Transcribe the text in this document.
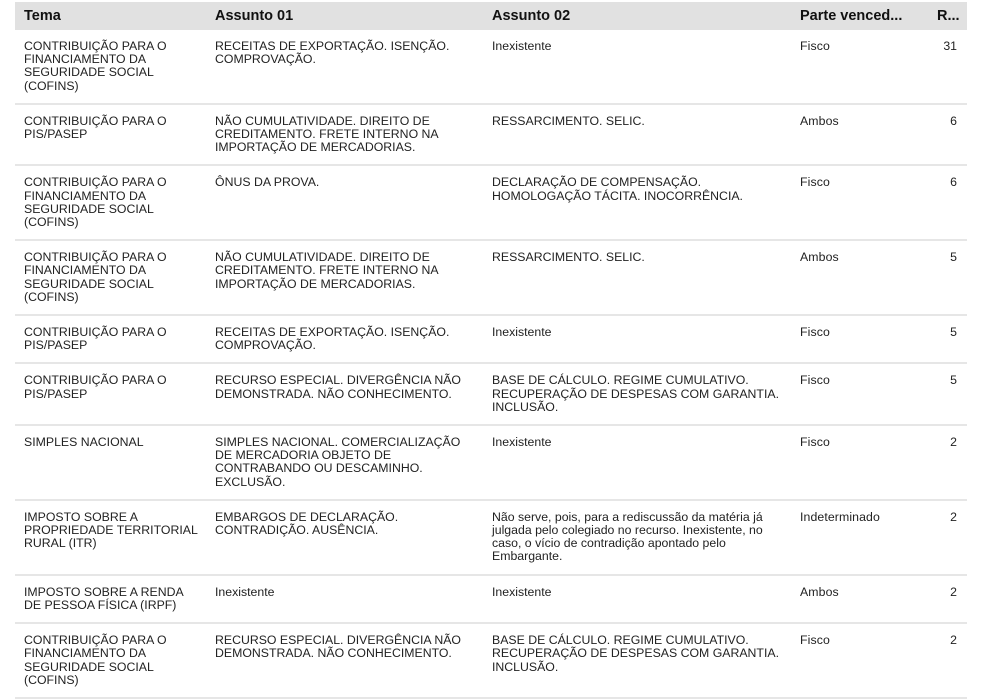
Tema	Assunto 01	Assunto 02	Parte venced...	R...
CONTRIBUIÇÃO PARA O FINANCIAMENTO DA SEGURIDADE SOCIAL (COFINS)	RECEITAS DE EXPORTAÇÃO. ISENÇÃO. COMPROVAÇÃO.	Inexistente	Fisco	31
CONTRIBUIÇÃO PARA O PIS/PASEP	NÃO CUMULATIVIDADE. DIREITO DE CREDITAMENTO. FRETE INTERNO NA IMPORTAÇÃO DE MERCADORIAS.	RESSARCIMENTO. SELIC.	Ambos	6
CONTRIBUIÇÃO PARA O FINANCIAMENTO DA SEGURIDADE SOCIAL (COFINS)	ÔNUS DA PROVA.	DECLARAÇÃO DE COMPENSAÇÃO. HOMOLOGAÇÃO TÁCITA. INOCORRÊNCIA.	Fisco	6
CONTRIBUIÇÃO PARA O FINANCIAMENTO DA SEGURIDADE SOCIAL (COFINS)	NÃO CUMULATIVIDADE. DIREITO DE CREDITAMENTO. FRETE INTERNO NA IMPORTAÇÃO DE MERCADORIAS.	RESSARCIMENTO. SELIC.	Ambos	5
CONTRIBUIÇÃO PARA O PIS/PASEP	RECEITAS DE EXPORTAÇÃO. ISENÇÃO. COMPROVAÇÃO.	Inexistente	Fisco	5
CONTRIBUIÇÃO PARA O PIS/PASEP	RECURSO ESPECIAL. DIVERGÊNCIA NÃO DEMONSTRADA. NÃO CONHECIMENTO.	BASE DE CÁLCULO. REGIME CUMULATIVO. RECUPERAÇÃO DE DESPESAS COM GARANTIA. INCLUSÃO.	Fisco	5
SIMPLES NACIONAL	SIMPLES NACIONAL. COMERCIALIZAÇÃO DE MERCADORIA OBJETO DE CONTRABANDO OU DESCAMINHO. EXCLUSÃO.	Inexistente	Fisco	2
IMPOSTO SOBRE A PROPRIEDADE TERRITORIAL RURAL (ITR)	EMBARGOS DE DECLARAÇÃO. CONTRADIÇÃO. AUSÊNCIA.	Não serve, pois, para a rediscussão da matéria já julgada pelo colegiado no recurso. Inexistente, no caso, o vício de contradição apontado pelo Embargante.	Indeterminado	2
IMPOSTO SOBRE A RENDA DE PESSOA FÍSICA (IRPF)	Inexistente	Inexistente	Ambos	2
CONTRIBUIÇÃO PARA O FINANCIAMENTO DA SEGURIDADE SOCIAL (COFINS)	RECURSO ESPECIAL. DIVERGÊNCIA NÃO DEMONSTRADA. NÃO CONHECIMENTO.	BASE DE CÁLCULO. REGIME CUMULATIVO. RECUPERAÇÃO DE DESPESAS COM GARANTIA. INCLUSÃO.	Fisco	2
